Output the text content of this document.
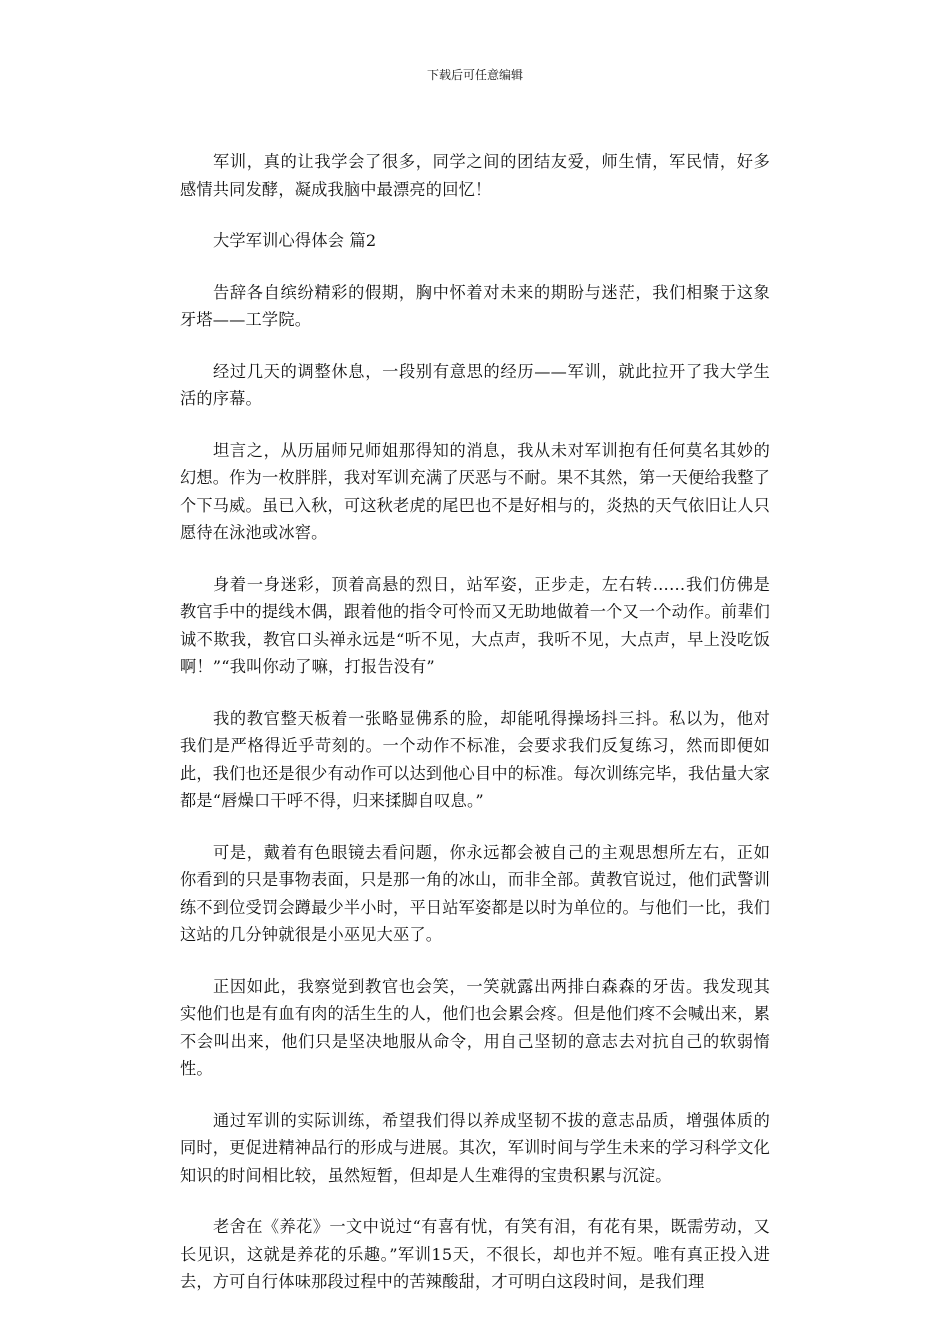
下载后可任意编辑

军训，真的让我学会了很多，同学之间的团结友爱，师生情，军民情，好多感情共同发酵，凝成我脑中最漂亮的回忆！

大学军训心得体会 篇2

告辞各自缤纷精彩的假期，胸中怀着对未来的期盼与迷茫，我们相聚于这象牙塔——工学院。

经过几天的调整休息，一段别有意思的经历——军训，就此拉开了我大学生活的序幕。

坦言之，从历届师兄师姐那得知的消息，我从未对军训抱有任何莫名其妙的幻想。作为一枚胖胖，我对军训充满了厌恶与不耐。果不其然，第一天便给我整了个下马威。虽已入秋，可这秋老虎的尾巴也不是好相与的，炎热的天气依旧让人只愿待在泳池或冰窖。

身着一身迷彩，顶着高悬的烈日，站军姿，正步走，左右转……我们仿佛是教官手中的提线木偶，跟着他的指令可怜而又无助地做着一个又一个动作。前辈们诚不欺我，教官口头禅永远是“听不见，大点声，我听不见，大点声，早上没吃饭啊！”“我叫你动了嘛，打报告没有”

我的教官整天板着一张略显佛系的脸，却能吼得操场抖三抖。私以为，他对我们是严格得近乎苛刻的。一个动作不标准，会要求我们反复练习，然而即便如此，我们也还是很少有动作可以达到他心目中的标准。每次训练完毕，我估量大家都是“唇燥口干呼不得，归来揉脚自叹息。”

可是，戴着有色眼镜去看问题，你永远都会被自己的主观思想所左右，正如你看到的只是事物表面，只是那一角的冰山，而非全部。黄教官说过，他们武警训练不到位受罚会蹲最少半小时，平日站军姿都是以时为单位的。与他们一比，我们这站的几分钟就很是小巫见大巫了。

正因如此，我察觉到教官也会笑，一笑就露出两排白森森的牙齿。我发现其实他们也是有血有肉的活生生的人，他们也会累会疼。但是他们疼不会喊出来，累不会叫出来，他们只是坚决地服从命令，用自己坚韧的意志去对抗自己的软弱惰性。

通过军训的实际训练，希望我们得以养成坚韧不拔的意志品质，增强体质的同时，更促进精神品行的形成与进展。其次，军训时间与学生未来的学习科学文化知识的时间相比较，虽然短暂，但却是人生难得的宝贵积累与沉淀。

老舍在《养花》一文中说过“有喜有忧，有笑有泪，有花有果，既需劳动，又长见识，这就是养花的乐趣。”军训15天，不很长，却也并不短。唯有真正投入进去，方可自行体味那段过程中的苦辣酸甜，才可明白这段时间，是我们理
